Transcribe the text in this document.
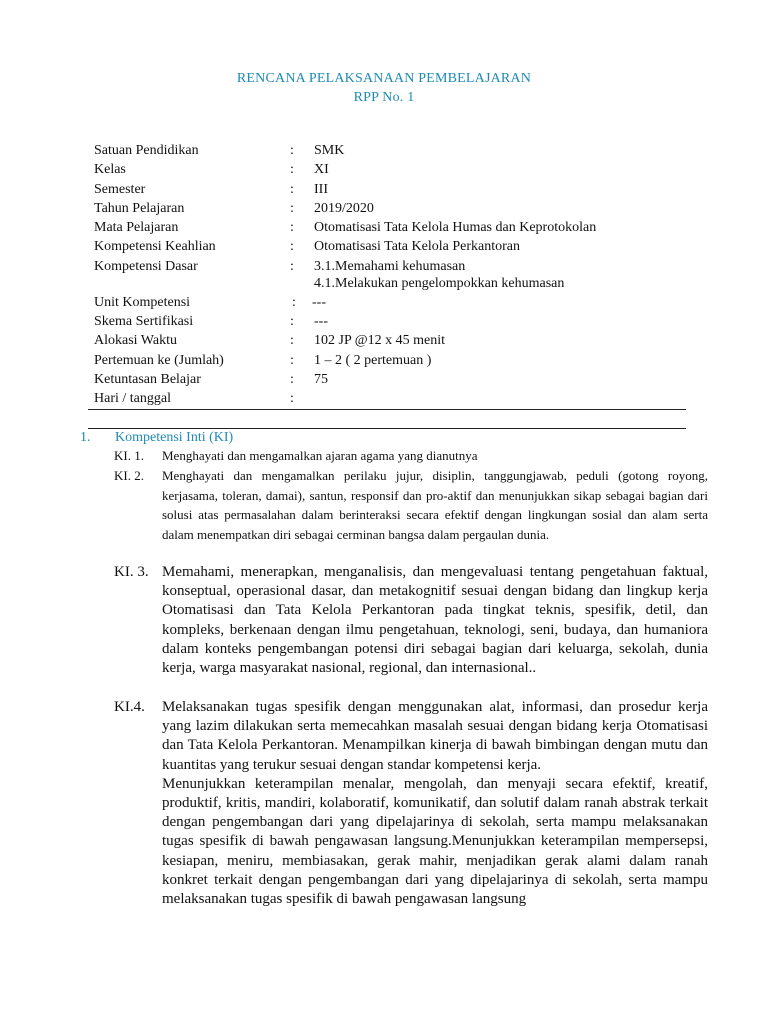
RENCANA PELAKSANAAN PEMBELAJARAN
RPP No. 1
Satuan Pendidikan	: SMK
Kelas	: XI
Semester	: III
Tahun Pelajaran	: 2019/2020
Mata Pelajaran	: Otomatisasi Tata Kelola Humas dan Keprotokolan
Kompetensi Keahlian	: Otomatisasi Tata Kelola Perkantoran
Kompetensi Dasar	: 3.1.Memahami kehumasan
4.1.Melakukan pengelompokkan kehumasan
Unit Kompetensi	: ---
Skema Sertifikasi	: ---
Alokasi Waktu	: 102 JP @12 x 45 menit
Pertemuan ke (Jumlah)	: 1 – 2 ( 2 pertemuan )
Ketuntasan Belajar	: 75
Hari / tanggal	:
1. Kompetensi Inti (KI)
KI. 1. Menghayati dan mengamalkan ajaran agama yang dianutnya

KI. 2. Menghayati dan mengamalkan perilaku jujur, disiplin, tanggungjawab, peduli (gotong royong, kerjasama, toleran, damai), santun, responsif dan pro-aktif dan menunjukkan sikap sebagai bagian dari solusi atas permasalahan dalam berinteraksi secara efektif dengan lingkungan sosial dan alam serta dalam menempatkan diri sebagai cerminan bangsa dalam pergaulan dunia.

KI. 3. Memahami, menerapkan, menganalisis, dan mengevaluasi tentang pengetahuan faktual, konseptual, operasional dasar, dan metakognitif sesuai dengan bidang dan lingkup kerja Otomatisasi dan Tata Kelola Perkantoran pada tingkat teknis, spesifik, detil, dan kompleks, berkenaan dengan ilmu pengetahuan, teknologi, seni, budaya, dan humaniora dalam konteks pengembangan potensi diri sebagai bagian dari keluarga, sekolah, dunia kerja, warga masyarakat nasional, regional, dan internasional..

KI.4. Melaksanakan tugas spesifik dengan menggunakan alat, informasi, dan prosedur kerja yang lazim dilakukan serta memecahkan masalah sesuai dengan bidang kerja Otomatisasi dan Tata Kelola Perkantoran. Menampilkan kinerja di bawah bimbingan dengan mutu dan kuantitas yang terukur sesuai dengan standar kompetensi kerja.

Menunjukkan keterampilan menalar, mengolah, dan menyaji secara efektif, kreatif, produktif, kritis, mandiri, kolaboratif, komunikatif, dan solutif dalam ranah abstrak terkait dengan pengembangan dari yang dipelajarinya di sekolah, serta mampu melaksanakan tugas spesifik di bawah pengawasan langsung.Menunjukkan keterampilan mempersepsi, kesiapan, meniru, membiasakan, gerak mahir, menjadikan gerak alami dalam ranah konkret terkait dengan pengembangan dari yang dipelajarinya di sekolah, serta mampu melaksanakan tugas spesifik di bawah pengawasan langsung
